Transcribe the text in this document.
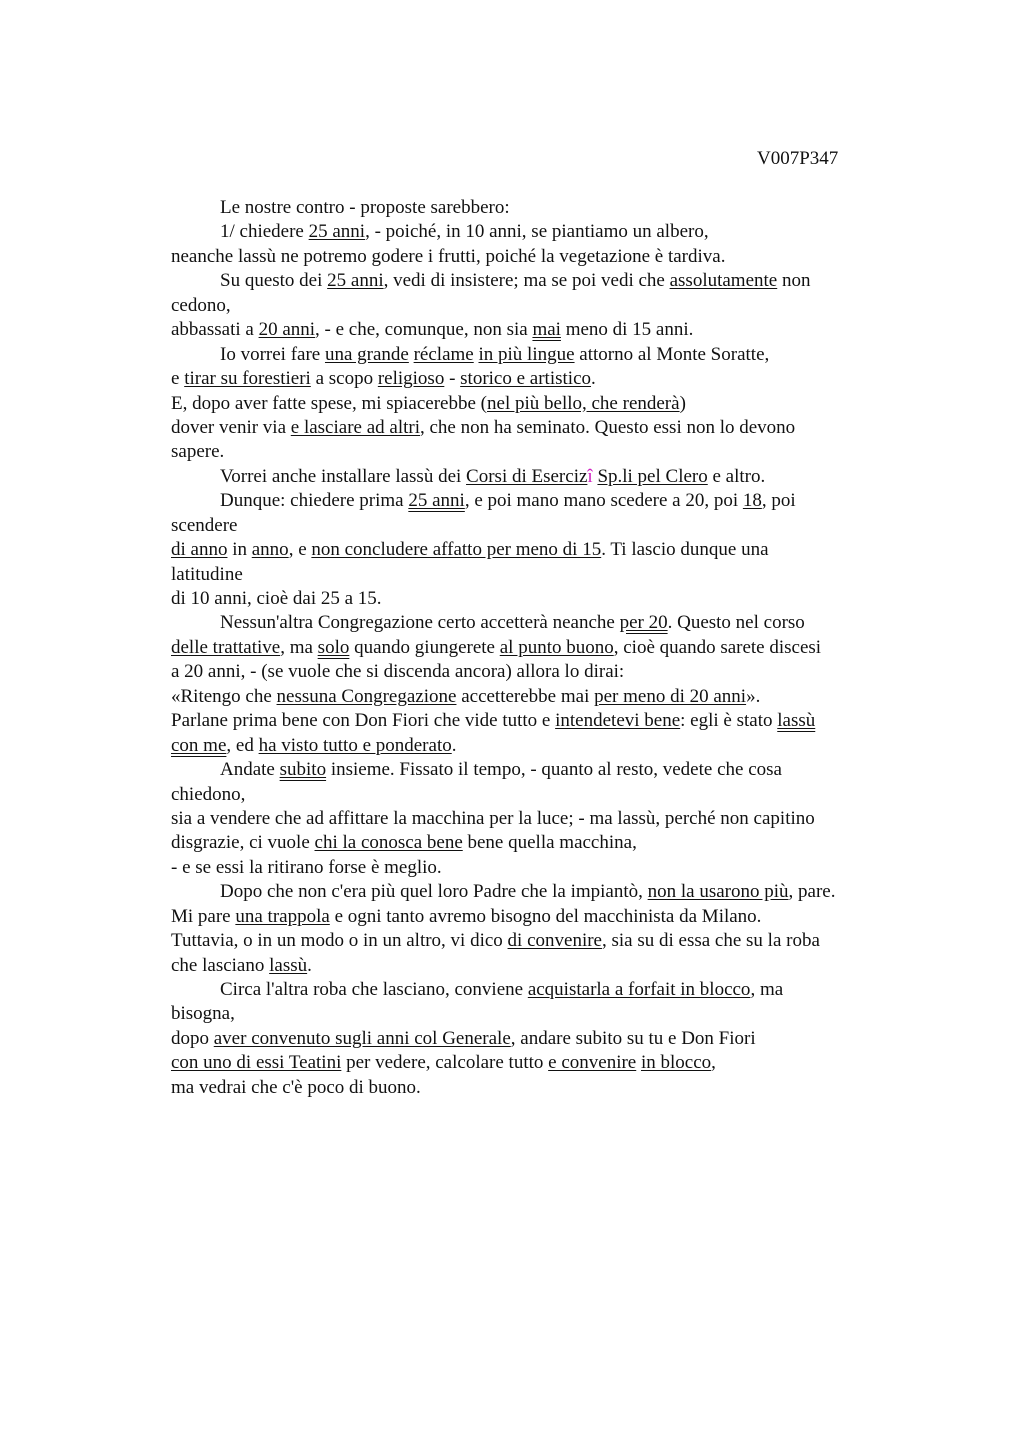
V007P347
Le nostre contro - proposte sarebbero:
1/ chiedere 25 anni, - poiché, in 10 anni, se piantiamo un albero,
neanche lassù ne potremo godere i frutti, poiché la vegetazione è tardiva.
Su questo dei 25 anni, vedi di insistere; ma se poi vedi che assolutamente non
cedono,
abbassati a 20 anni, - e che, comunque, non sia mai meno di 15 anni.
Io vorrei fare una grande réclame in più lingue attorno al Monte Soratte,
e tirar su forestieri a scopo religioso - storico e artistico.
E, dopo aver fatte spese, mi spiacerebbe (nel più bello, che renderà)
dover venir via e lasciare ad altri, che non ha seminato. Questo essi non lo devono
sapere.
Vorrei anche installare lassù dei Corsi di Esercizî Sp.li pel Clero e altro.
Dunque: chiedere prima 25 anni, e poi mano mano scedere a 20, poi 18, poi
scendere
di anno in anno, e non concludere affatto per meno di 15. Ti lascio dunque una
latitudine
di 10 anni, cioè dai 25 a 15.
Nessun'altra Congregazione certo accetterà neanche per 20. Questo nel corso
delle trattative, ma solo quando giungerete al punto buono, cioè quando sarete discesi
a 20 anni, - (se vuole che si discenda ancora) allora lo dirai:
«Ritengo che nessuna Congregazione accetterebbe mai per meno di 20 anni».
Parlane prima bene con Don Fiori che vide tutto e intendetevi bene: egli è stato lassù
con me, ed ha visto tutto e ponderato.
Andate subito insieme. Fissato il tempo, - quanto al resto, vedete che cosa
chiedono,
sia a vendere che ad affittare la macchina per la luce; - ma lassù, perché non capitino
disgrazie, ci vuole chi la conosca bene bene quella macchina,
- e se essi la ritirano forse è meglio.
Dopo che non c'era più quel loro Padre che la impiantò, non la usarono più, pare.
Mi pare una trappola e ogni tanto avremo bisogno del macchinista da Milano.
Tuttavia, o in un modo o in un altro, vi dico di convenire, sia su di essa che su la roba
che lasciano lassù.
Circa l'altra roba che lasciano, conviene acquistarla a forfait in blocco, ma
bisogna,
dopo aver convenuto sugli anni col Generale, andare subito su tu e Don Fiori
con uno di essi Teatini per vedere, calcolare tutto e convenire in blocco,
ma vedrai che c'è poco di buono.
